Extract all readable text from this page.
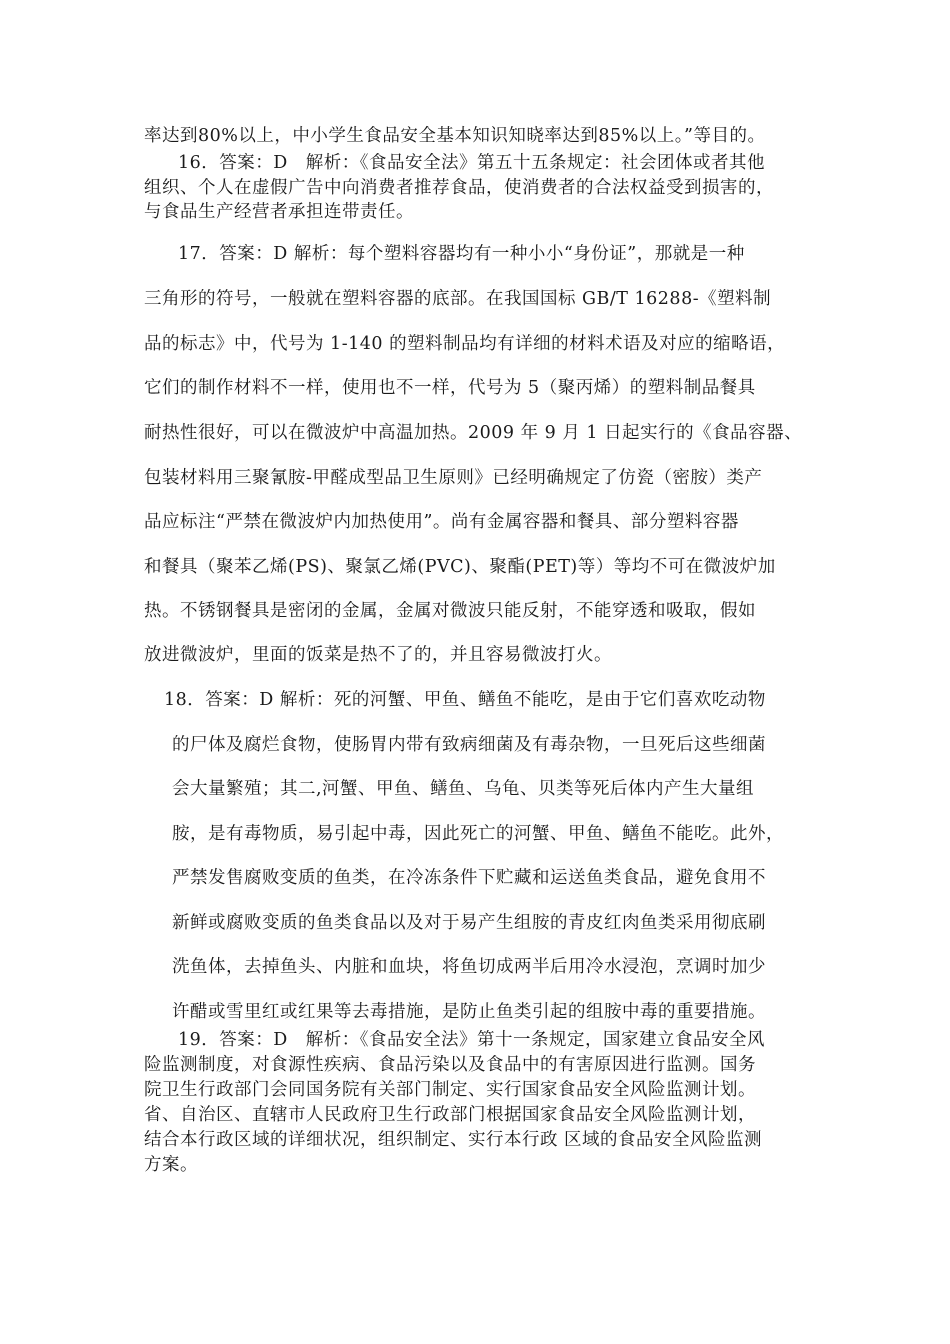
率达到80%以上，中小学生食品安全基本知识知晓率达到85%以上。”等目的。
16．答案：D　解析：《食品安全法》第五十五条规定：社会团体或者其他
组织、个人在虚假广告中向消费者推荐食品，使消费者的合法权益受到损害的，
与食品生产经营者承担连带责任。
17．答案：D 解析：每个塑料容器均有一种小小“身份证”，那就是一种
三角形的符号，一般就在塑料容器的底部。在我国国标 GB/T 16288-《塑料制
品的标志》中，代号为 1-140 的塑料制品均有详细的材料术语及对应的缩略语，
它们的制作材料不一样，使用也不一样，代号为 5（聚丙烯）的塑料制品餐具
耐热性很好，可以在微波炉中高温加热。2009 年 9 月 1 日起实行的《食品容器、
包装材料用三聚氰胺-甲醛成型品卫生原则》已经明确规定了仿瓷（密胺）类产
品应标注“严禁在微波炉内加热使用”。尚有金属容器和餐具、部分塑料容器
和餐具（聚苯乙烯(PS)、聚氯乙烯(PVC)、聚酯(PET)等）等均不可在微波炉加
热。不锈钢餐具是密闭的金属，金属对微波只能反射，不能穿透和吸取，假如
放进微波炉，里面的饭菜是热不了的，并且容易微波打火。
18．答案：D 解析：死的河蟹、甲鱼、鳝鱼不能吃，是由于它们喜欢吃动物
的尸体及腐烂食物，使肠胃内带有致病细菌及有毒杂物，一旦死后这些细菌
会大量繁殖；其二,河蟹、甲鱼、鳝鱼、乌龟、贝类等死后体内产生大量组
胺，是有毒物质，易引起中毒，因此死亡的河蟹、甲鱼、鳝鱼不能吃。此外，
严禁发售腐败变质的鱼类，在冷冻条件下贮藏和运送鱼类食品，避免食用不
新鲜或腐败变质的鱼类食品以及对于易产生组胺的青皮红肉鱼类采用彻底刷
洗鱼体，去掉鱼头、内脏和血块，将鱼切成两半后用冷水浸泡，烹调时加少
许醋或雪里红或红果等去毒措施，是防止鱼类引起的组胺中毒的重要措施。
19．答案：D　解析：《食品安全法》第十一条规定，国家建立食品安全风
险监测制度，对食源性疾病、食品污染以及食品中的有害原因进行监测。国务
院卫生行政部门会同国务院有关部门制定、实行国家食品安全风险监测计划。
省、自治区、直辖市人民政府卫生行政部门根据国家食品安全风险监测计划，
结合本行政区域的详细状况，组织制定、实行本行政 区域的食品安全风险监测
方案。
